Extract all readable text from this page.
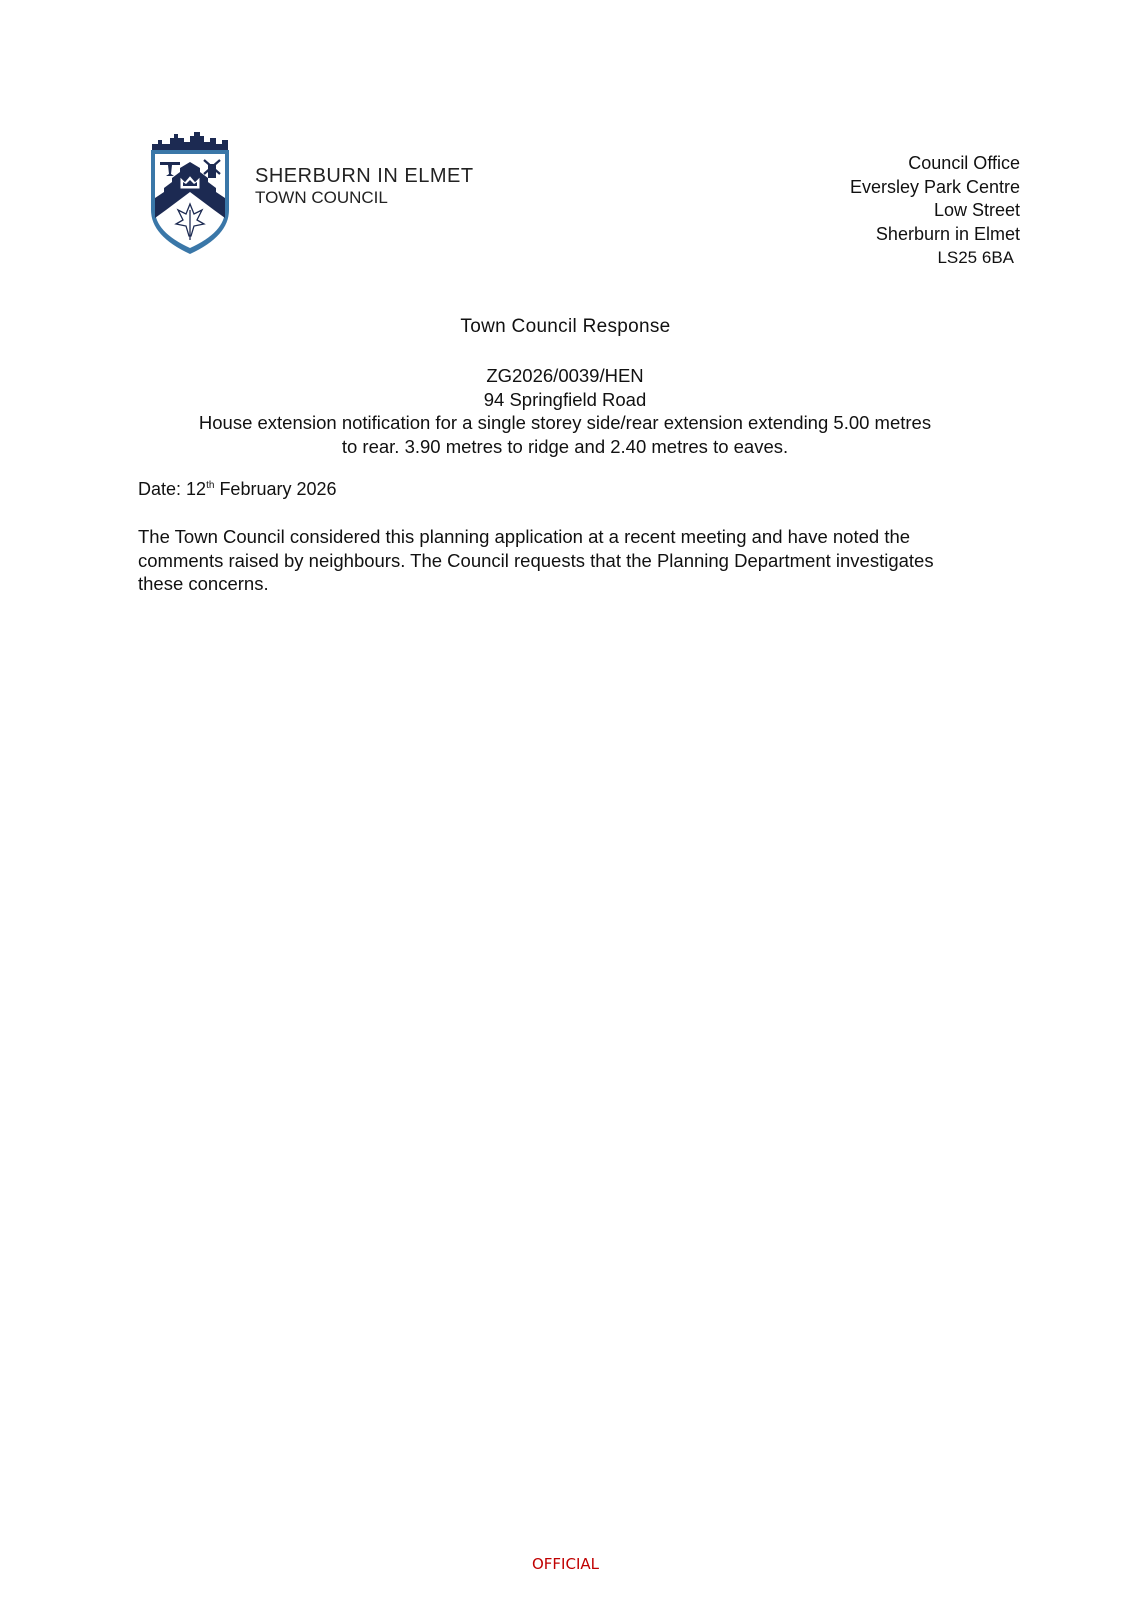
SHERBURN IN ELMET
TOWN COUNCIL
Council Office
Eversley Park Centre
Low Street
Sherburn in Elmet
LS25 6BA
Town Council Response
ZG2026/0039/HEN
94 Springfield Road
House extension notification for a single storey side/rear extension extending 5.00 metres
to rear. 3.90 metres to ridge and 2.40 metres to eaves.
Date: 12th February 2026
The Town Council considered this planning application at a recent meeting and have noted the comments raised by neighbours. The Council requests that the Planning Department investigates these concerns.
OFFICIAL
